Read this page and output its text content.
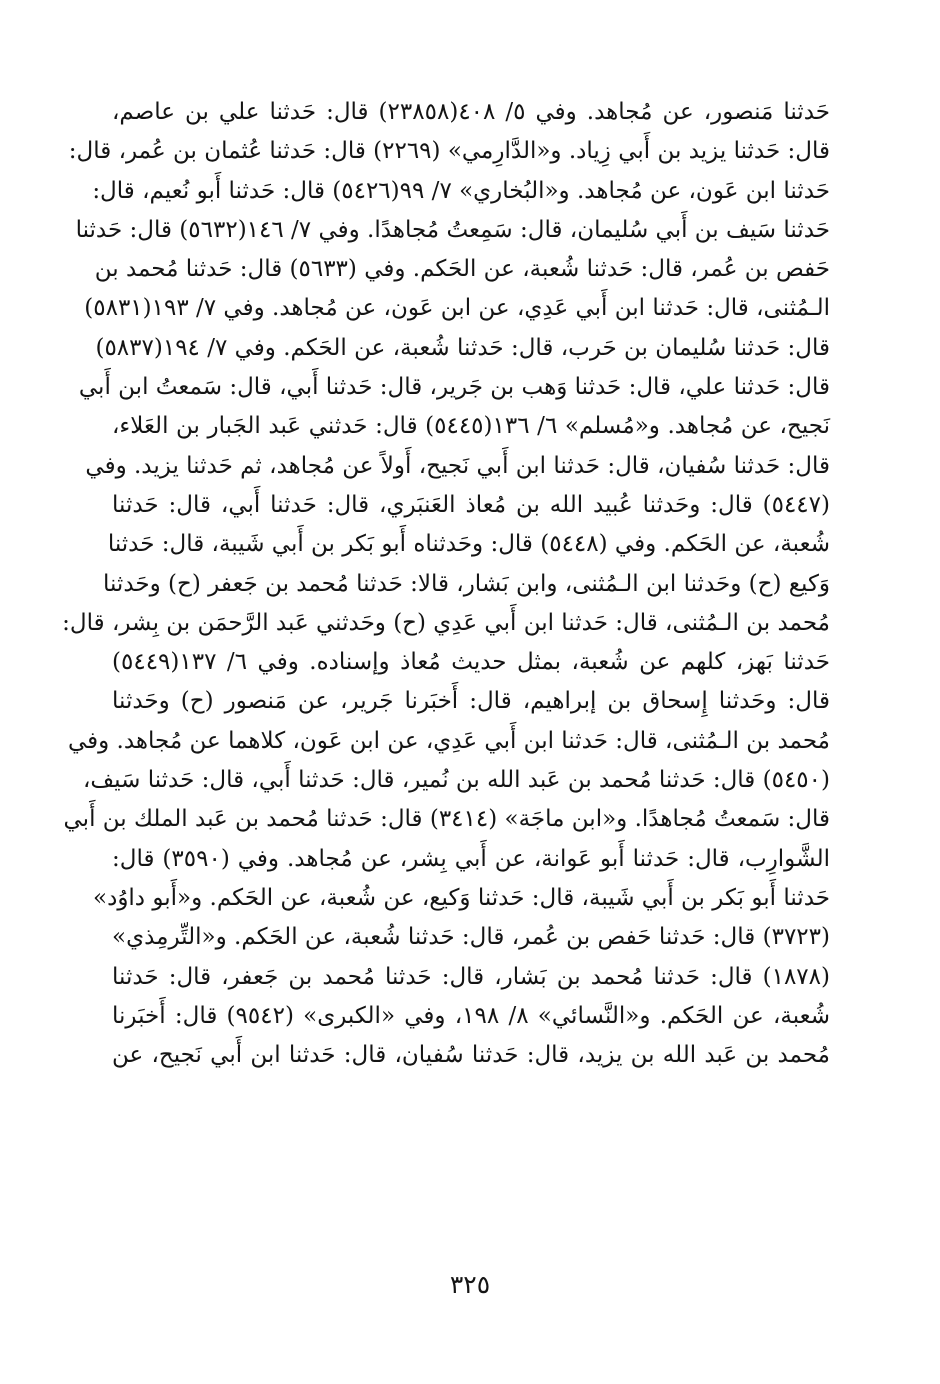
حَدثنا مَنصور، عن مُجاهد. وفي ٥/ ٤٠٨(٢٣٨٥٨) قال: حَدثنا علي بن عاصم،
قال: حَدثنا يزيد بن أَبي زِياد. و«الدَّارِمي» (٢٢٦٩) قال: حَدثنا عُثمان بن عُمر، قال:
حَدثنا ابن عَون، عن مُجاهد. و«البُخاري» ٧/ ٩٩(٥٤٢٦) قال: حَدثنا أَبو نُعيم، قال:
حَدثنا سَيف بن أَبي سُليمان، قال: سَمِعتُ مُجاهدًا. وفي ٧/ ١٤٦(٥٦٣٢) قال: حَدثنا
حَفص بن عُمر، قال: حَدثنا شُعبة، عن الحَكم. وفي (٥٦٣٣) قال: حَدثنا مُحمد بن
الـمُثنى، قال: حَدثنا ابن أَبي عَدِي، عن ابن عَون، عن مُجاهد. وفي ٧/ ١٩٣(٥٨٣١)
قال: حَدثنا سُليمان بن حَرب، قال: حَدثنا شُعبة، عن الحَكم. وفي ٧/ ١٩٤(٥٨٣٧)
قال: حَدثنا علي، قال: حَدثنا وَهب بن جَرير، قال: حَدثنا أَبي، قال: سَمعتُ ابن أَبي
نَجيح، عن مُجاهد. و«مُسلم» ٦/ ١٣٦(٥٤٤٥) قال: حَدثني عَبد الجَبار بن العَلاء،
قال: حَدثنا سُفيان، قال: حَدثنا ابن أَبي نَجيح، أَولاً عن مُجاهد، ثم حَدثنا يزيد. وفي
(٥٤٤٧) قال: وحَدثنا عُبيد الله بن مُعاذ العَنبَري، قال: حَدثنا أَبي، قال: حَدثنا
شُعبة، عن الحَكم. وفي (٥٤٤٨) قال: وحَدثناه أَبو بَكر بن أَبي شَيبة، قال: حَدثنا
وَكيع (ح) وحَدثنا ابن الـمُثنى، وابن بَشار، قالا: حَدثنا مُحمد بن جَعفر (ح) وحَدثنا
مُحمد بن الـمُثنى، قال: حَدثنا ابن أَبي عَدِي (ح) وحَدثني عَبد الرَّحمَن بن بِشر، قال:
حَدثنا بَهز، كلهم عن شُعبة، بمثل حديث مُعاذ وإسناده. وفي ٦/ ١٣٧(٥٤٤٩)
قال: وحَدثنا إِسحاق بن إبراهيم، قال: أَخبَرنا جَرير، عن مَنصور (ح) وحَدثنا
مُحمد بن الـمُثنى، قال: حَدثنا ابن أَبي عَدِي، عن ابن عَون، كلاهما عن مُجاهد. وفي
(٥٤٥٠) قال: حَدثنا مُحمد بن عَبد الله بن نُمير، قال: حَدثنا أَبي، قال: حَدثنا سَيف،
قال: سَمعتُ مُجاهدًا. و«ابن ماجَة» (٣٤١٤) قال: حَدثنا مُحمد بن عَبد الملك بن أَبي
الشَّوارِب، قال: حَدثنا أَبو عَوانة، عن أَبي بِشر، عن مُجاهد. وفي (٣٥٩٠) قال:
حَدثنا أَبو بَكر بن أَبي شَيبة، قال: حَدثنا وَكيع، عن شُعبة، عن الحَكم. و«أَبو داوُد»
(٣٧٢٣) قال: حَدثنا حَفص بن عُمر، قال: حَدثنا شُعبة، عن الحَكم. و«التِّرمِذي»
(١٨٧٨) قال: حَدثنا مُحمد بن بَشار، قال: حَدثنا مُحمد بن جَعفر، قال: حَدثنا
شُعبة، عن الحَكم. و«النَّسائي» ٨/ ١٩٨، وفي «الكبرى» (٩٥٤٢) قال: أَخبَرنا
مُحمد بن عَبد الله بن يزيد، قال: حَدثنا سُفيان، قال: حَدثنا ابن أَبي نَجيح، عن
٣٢٥
